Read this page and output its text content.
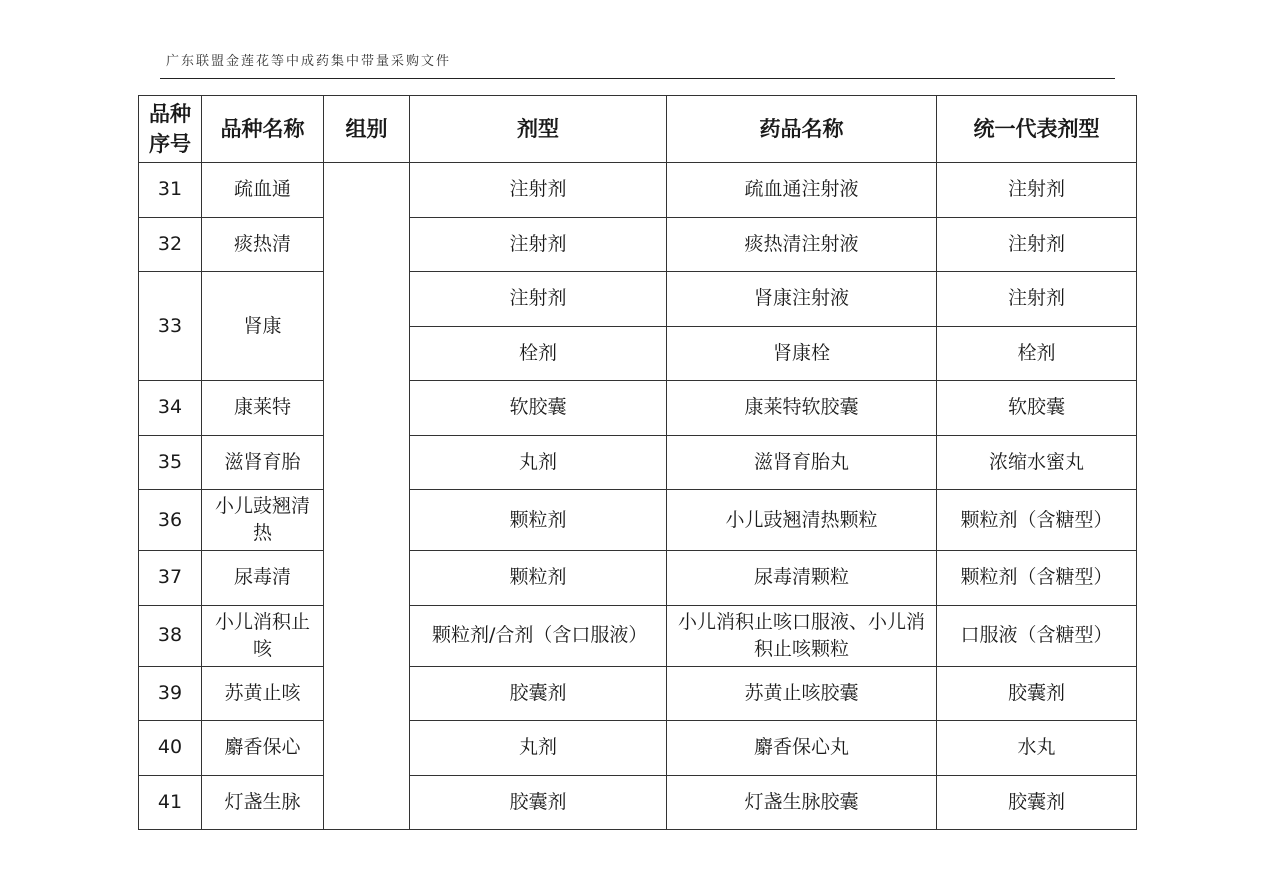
广东联盟金莲花等中成药集中带量采购文件
品种序号	品种名称	组别	剂型	药品名称	统一代表剂型
31	疏血通		注射剂	疏血通注射液	注射剂
32	痰热清		注射剂	痰热清注射液	注射剂
33	肾康		注射剂	肾康注射液	注射剂
			栓剂	肾康栓	栓剂
34	康莱特		软胶囊	康莱特软胶囊	软胶囊
35	滋肾育胎		丸剂	滋肾育胎丸	浓缩水蜜丸
36	小儿豉翘清热		颗粒剂	小儿豉翘清热颗粒	颗粒剂（含糖型）
37	尿毒清		颗粒剂	尿毒清颗粒	颗粒剂（含糖型）
38	小儿消积止咳		颗粒剂/合剂（含口服液）	小儿消积止咳口服液、小儿消积止咳颗粒	口服液（含糖型）
39	苏黄止咳		胶囊剂	苏黄止咳胶囊	胶囊剂
40	麝香保心		丸剂	麝香保心丸	水丸
41	灯盏生脉		胶囊剂	灯盏生脉胶囊	胶囊剂
